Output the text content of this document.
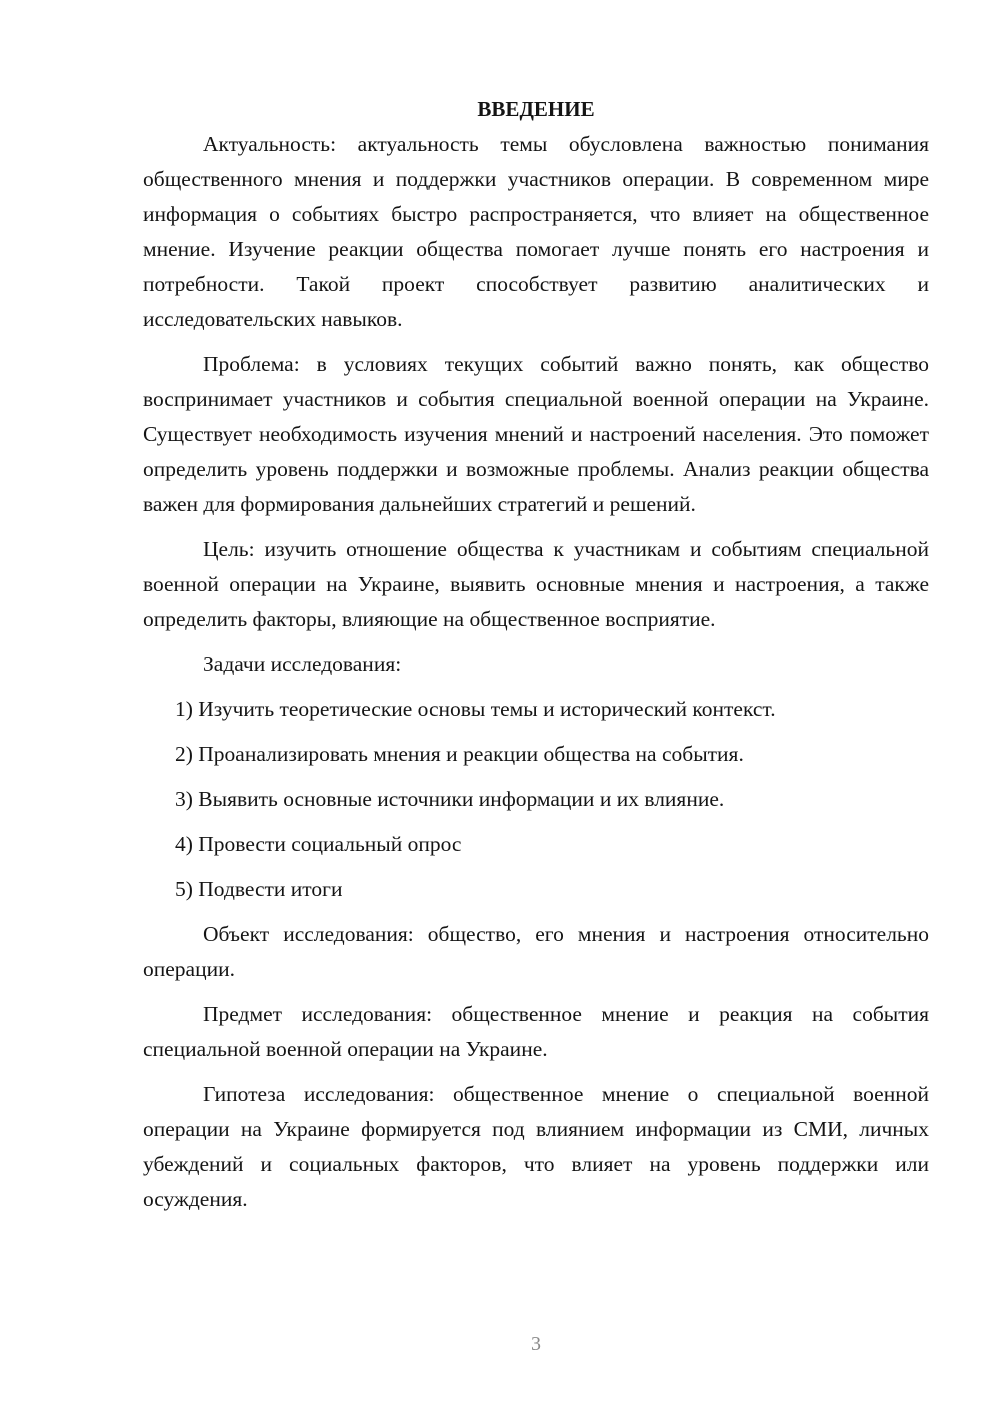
ВВЕДЕНИЕ

Актуальность: актуальность темы обусловлена важностью понимания общественного мнения и поддержки участников операции. В современном мире информация о событиях быстро распространяется, что влияет на общественное мнение. Изучение реакции общества помогает лучше понять его настроения и потребности. Такой проект способствует развитию аналитических и исследовательских навыков.

Проблема: в условиях текущих событий важно понять, как общество воспринимает участников и события специальной военной операции на Украине. Существует необходимость изучения мнений и настроений населения. Это поможет определить уровень поддержки и возможные проблемы. Анализ реакции общества важен для формирования дальнейших стратегий и решений.

Цель: изучить отношение общества к участникам и событиям специальной военной операции на Украине, выявить основные мнения и настроения, а также определить факторы, влияющие на общественное восприятие.

Задачи исследования:

1) Изучить теоретические основы темы и исторический контекст.
2) Проанализировать мнения и реакции общества на события.
3) Выявить основные источники информации и их влияние.
4) Провести социальный опрос
5) Подвести итоги

Объект исследования: общество, его мнения и настроения относительно операции.

Предмет исследования: общественное мнение и реакция на события специальной военной операции на Украине.

Гипотеза исследования: общественное мнение о специальной военной операции на Украине формируется под влиянием информации из СМИ, личных убеждений и социальных факторов, что влияет на уровень поддержки или осуждения.

3
